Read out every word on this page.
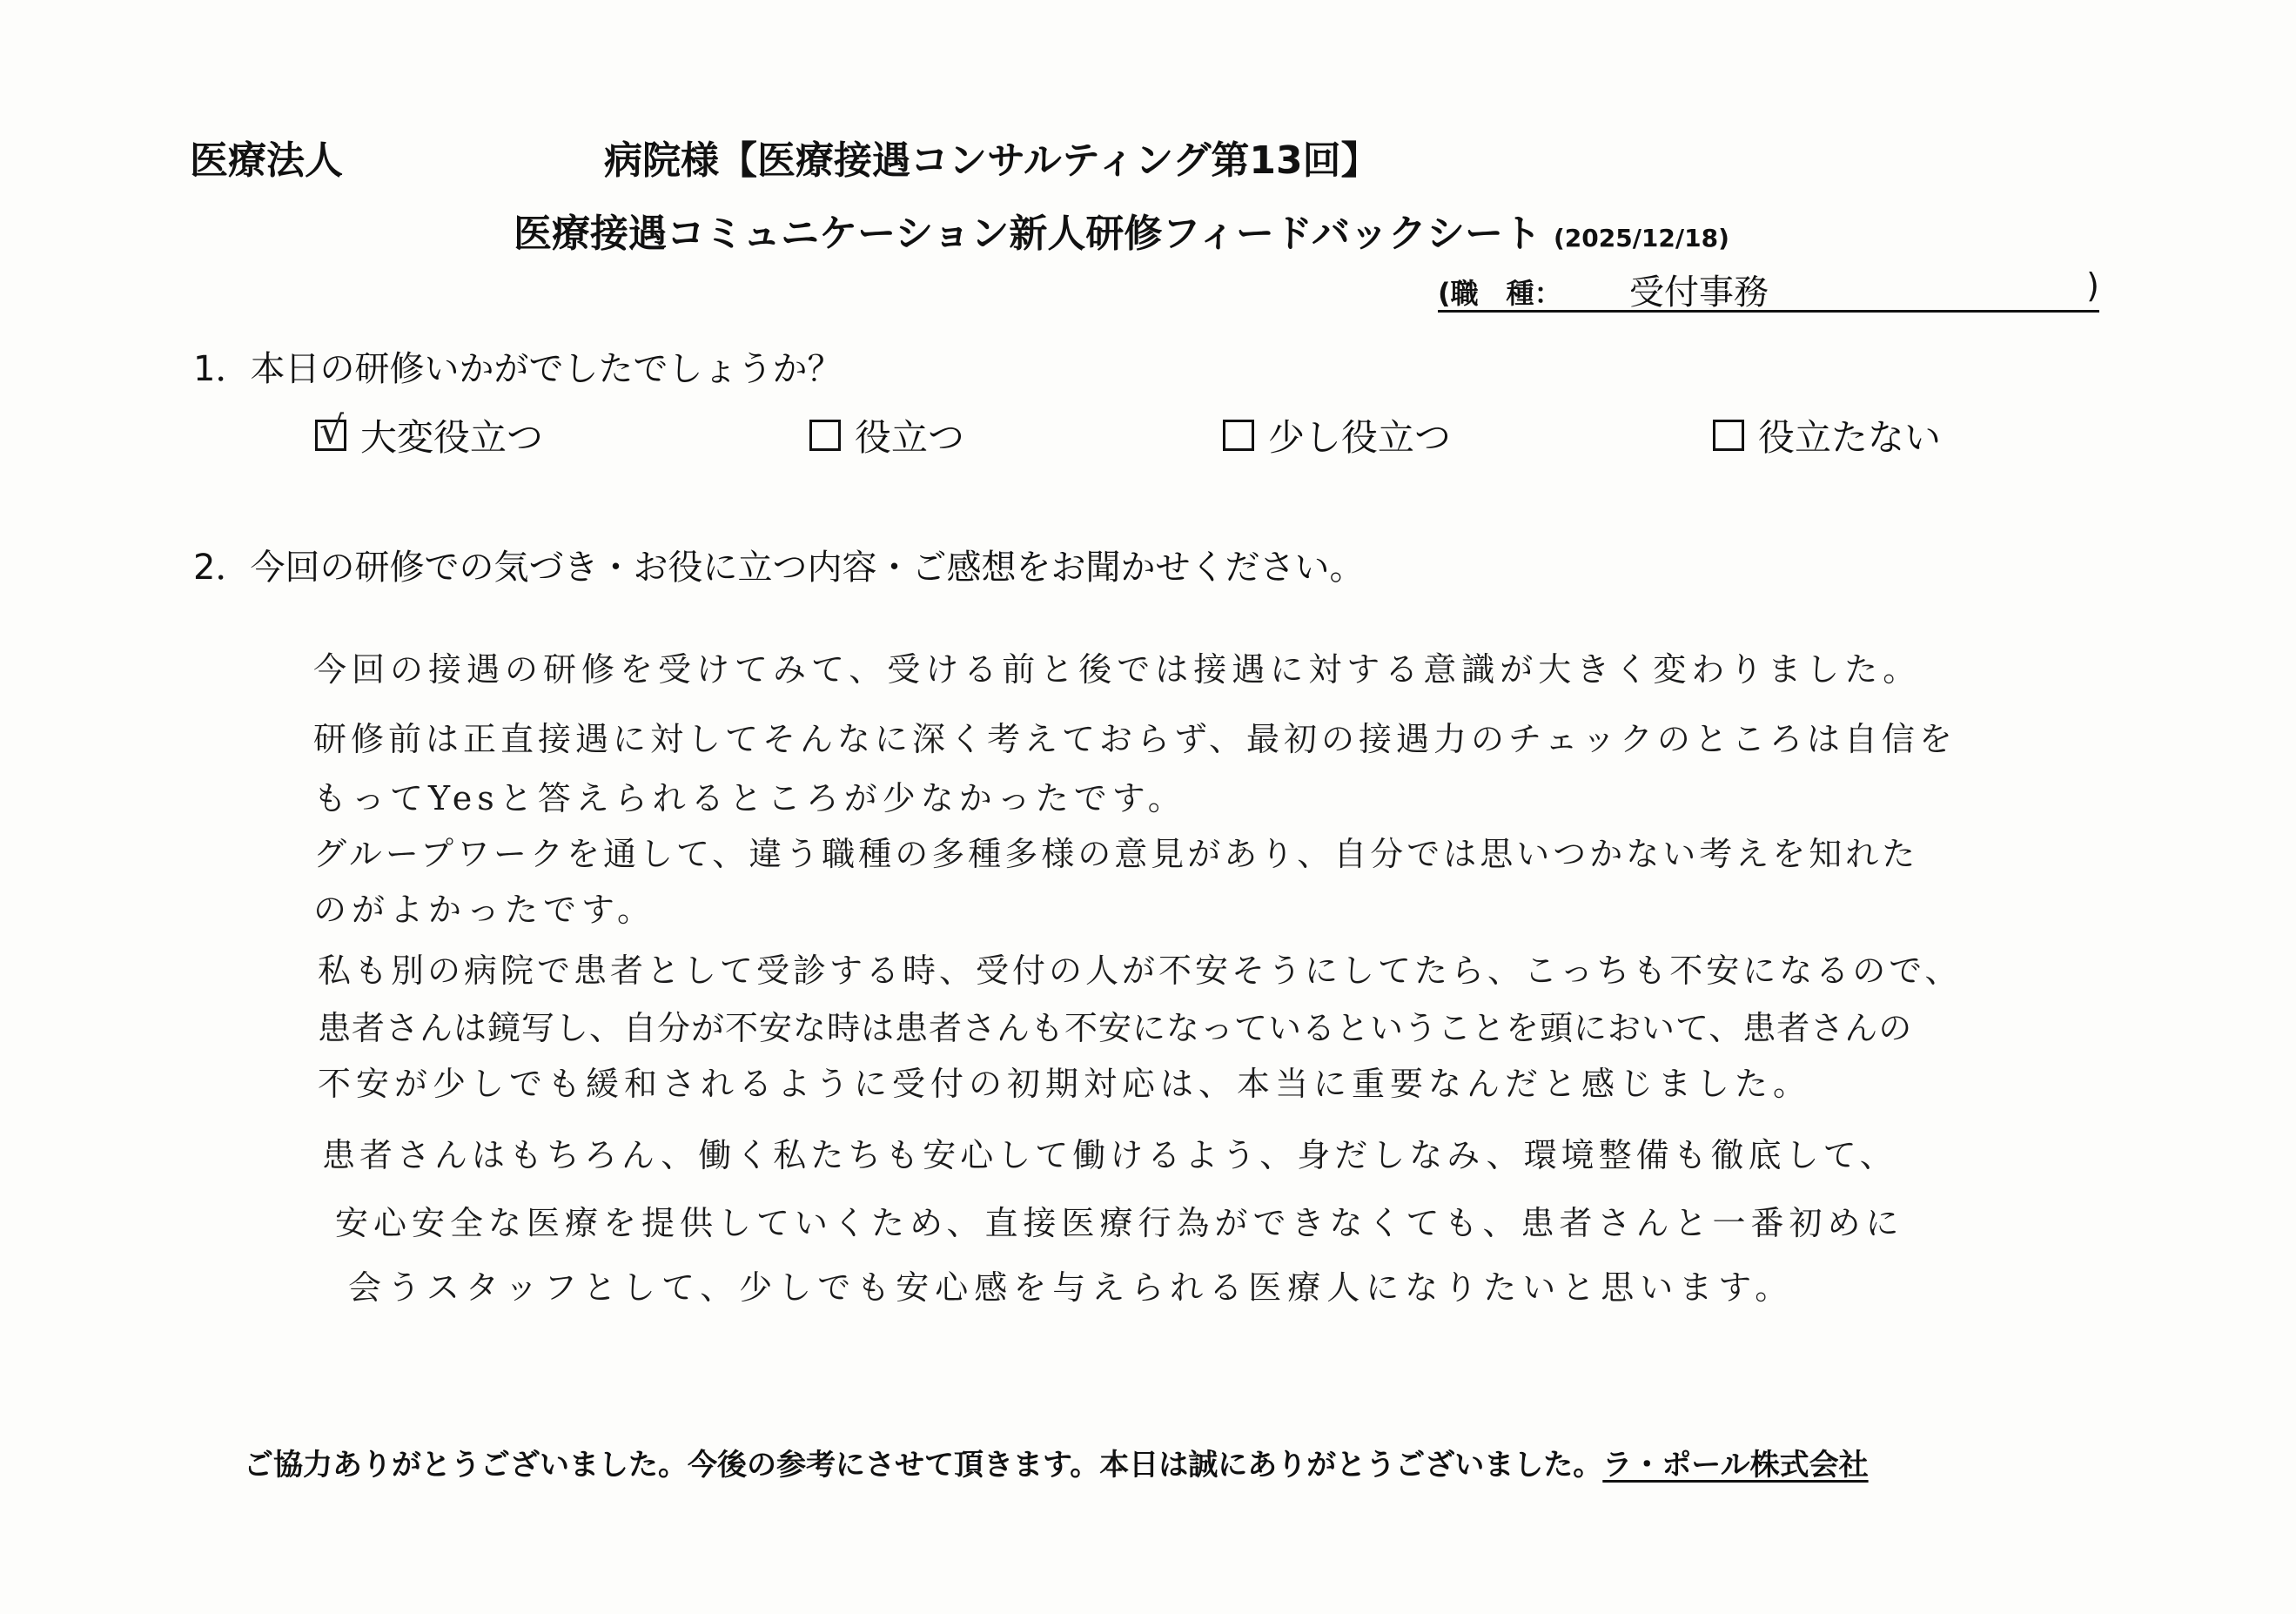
医療法人	病院様【医療接遇コンサルティング第13回】
医療接遇コミュニケーション新人研修フィードバックシート (2025/12/18)
(職　種： 受付事務	)
1．本日の研修いかがでしたでしょうか？
√ 大変役立つ	役立つ	少し役立つ	役立たない
2．今回の研修での気づき・お役に立つ内容・ご感想をお聞かせください。
今回の接遇の研修を受けてみて、受ける前と後では接遇に対する意識が大きく変わりました。
研修前は正直接遇に対してそんなに深く考えておらず、最初の接遇力のチェックのところは自信を
もってYesと答えられるところが少なかったです。
グループワークを通して、違う職種の多種多様の意見があり、自分では思いつかない考えを知れた
のがよかったです。
私も別の病院で患者として受診する時、受付の人が不安そうにしてたら、こっちも不安になるので、
患者さんは鏡写し、自分が不安な時は患者さんも不安になっているということを頭において、患者さんの
不安が少しでも緩和されるように受付の初期対応は、本当に重要なんだと感じました。
患者さんはもちろん、働く私たちも安心して働けるよう、身だしなみ、環境整備も徹底して、
安心安全な医療を提供していくため、直接医療行為ができなくても、患者さんと一番初めに
会うスタッフとして、少しでも安心感を与えられる医療人になりたいと思います。
ご協力ありがとうございました。今後の参考にさせて頂きます。本日は誠にありがとうございました。ラ・ポール株式会社
